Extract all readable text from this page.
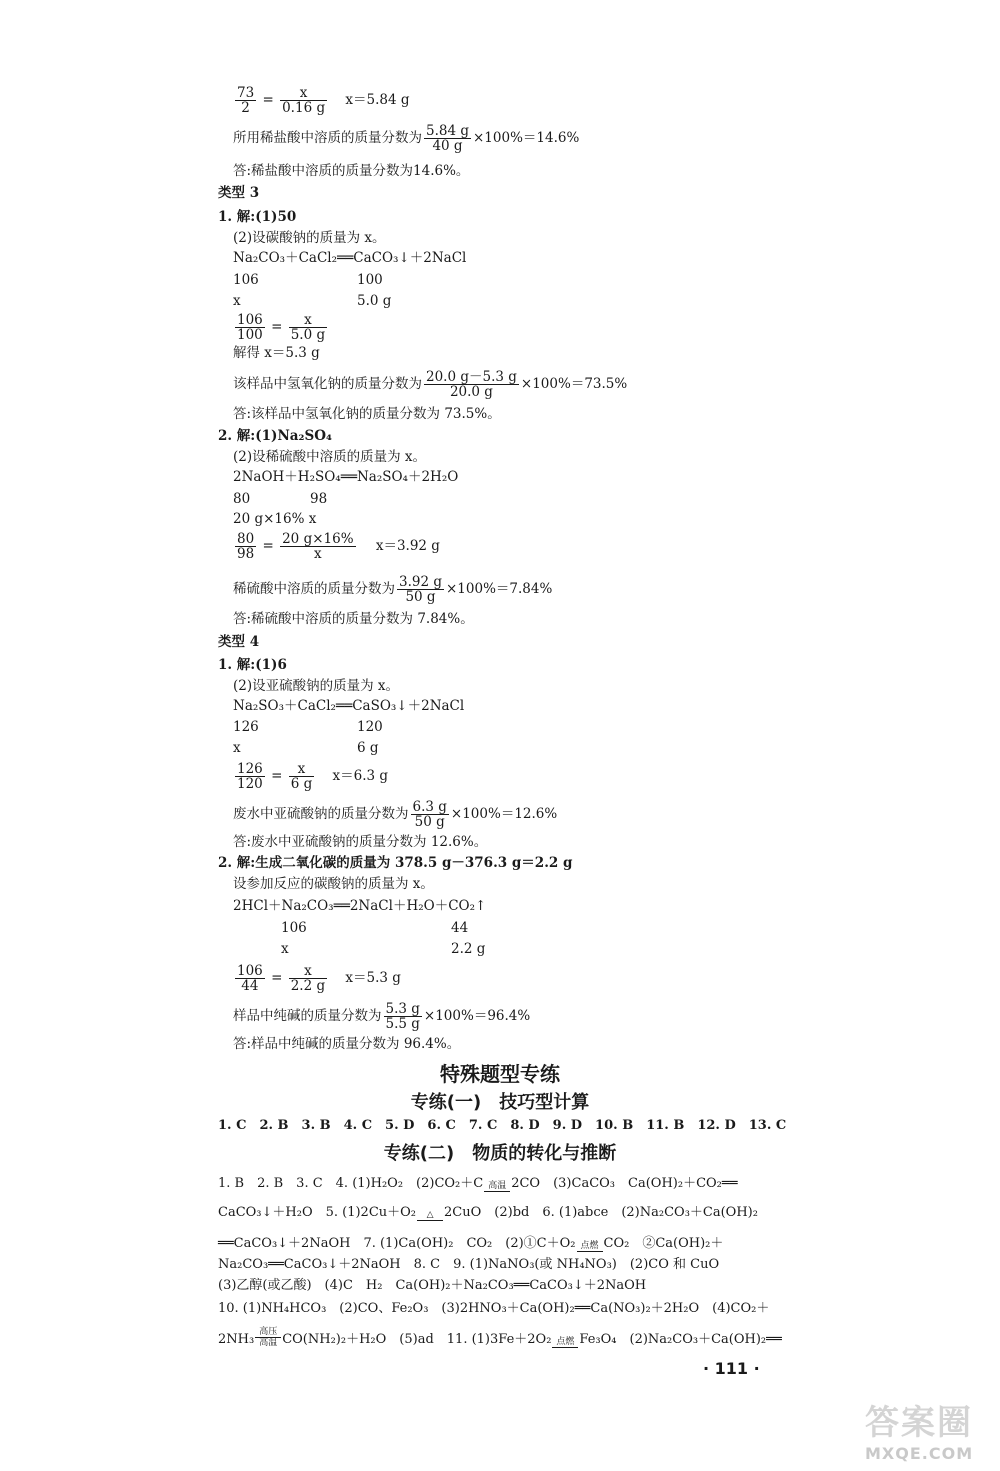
$\frac{73}{2} = \frac{x}{0.16 g} x=5.84$ g
所用稀盐酸中溶质的质量分数为 $\frac{5.84 g}{40 g} \times 100\%=14.6\%$
答:稀盐酸中溶质的质量分数为14.6%。
类型 3
1. 解:(1)50
(2)设碳酸钠的质量为 x。
Na₂CO₃＋CaCl₂══CaCO₃↓＋2NaCl
106	100
x	5.0 g
$\frac{106}{100} = \frac{x}{5.0 g}$
解得 x＝5.3 g
该样品中氢氧化钠的质量分数为 $\frac{20.0 g-5.3 g}{20.0 g} \times 100\%=73.5\%$
答:该样品中氢氧化钠的质量分数为 73.5%。
2. 解:(1)Na₂SO₄
(2)设稀硫酸中溶质的质量为 x。
2NaOH＋H₂SO₄══Na₂SO₄＋2H₂O
80	98
20 g×16% x
$\frac{80}{98} = \frac{20 g\times 16\%}{x} x=3.92$ g
稀硫酸中溶质的质量分数为 $\frac{3.92 g}{50 g} \times 100\%=7.84\%$
答:稀硫酸中溶质的质量分数为 7.84%。
类型 4
1. 解:(1)6
(2)设亚硫酸钠的质量为 x。
Na₂SO₃＋CaCl₂══CaSO₃↓＋2NaCl
126	120
x	6 g
$\frac{126}{120} = \frac{x}{6 g} x=6.3$ g
废水中亚硫酸钠的质量分数为 $\frac{6.3 g}{50 g} \times 100\%=12.6\%$
答:废水中亚硫酸钠的质量分数为 12.6%。
2. 解:生成二氧化碳的质量为 378.5 g－376.3 g＝2.2 g
设参加反应的碳酸钠的质量为 x。
2HCl＋Na₂CO₃══2NaCl＋H₂O＋CO₂↑
106	44
x	2.2 g
$\frac{106}{44} = \frac{x}{2.2 g} x=5.3$ g
样品中纯碱的质量分数为 $\frac{5.3 g}{5.5 g} \times 100\%=96.4\%$
答:样品中纯碱的质量分数为 96.4%。
特殊题型专练
专练(一)　技巧型计算
1. C　2. B　3. B　4. C　5. D　6. C　7. C　8. D　9. D　10. B　11. B　12. D　13. C
专练(二)　物质的转化与推断
1. B　2. B　3. C　4. (1)H₂O₂　(2)CO₂＋C 高温 2CO　(3)CaCO₃　Ca(OH)₂＋CO₂══
CaCO₃↓＋H₂O　5. (1)2Cu＋O₂	△ 2CuO　(2)bd　6. (1)abce　(2)Na₂CO₃＋Ca(OH)₂
══CaCO₃↓＋2NaOH　7. (1)Ca(OH)₂　CO₂　(2)①C＋O₂ 点燃 CO₂　②Ca(OH)₂＋
Na₂CO₃══CaCO₃↓＋2NaOH　8. C　9. (1)NaNO₃(或 NH₄NO₃)　(2)CO 和 CuO
(3)乙醇(或乙酸)　(4)C　H₂　Ca(OH)₂＋Na₂CO₃══CaCO₃↓＋2NaOH
10. (1)NH₄HCO₃　(2)CO、Fe₂O₃　(3)2HNO₃＋Ca(OH)₂══Ca(NO₃)₂＋2H₂O　(4)CO₂＋
2NH₃ 高压
高温 CO(NH₂)₂＋H₂O　(5)ad　11. (1)3Fe＋2O₂ 点燃 Fe₃O₄　(2)Na₂CO₃＋Ca(OH)₂══
· 111 ·
答案圈
MXQE.COM
